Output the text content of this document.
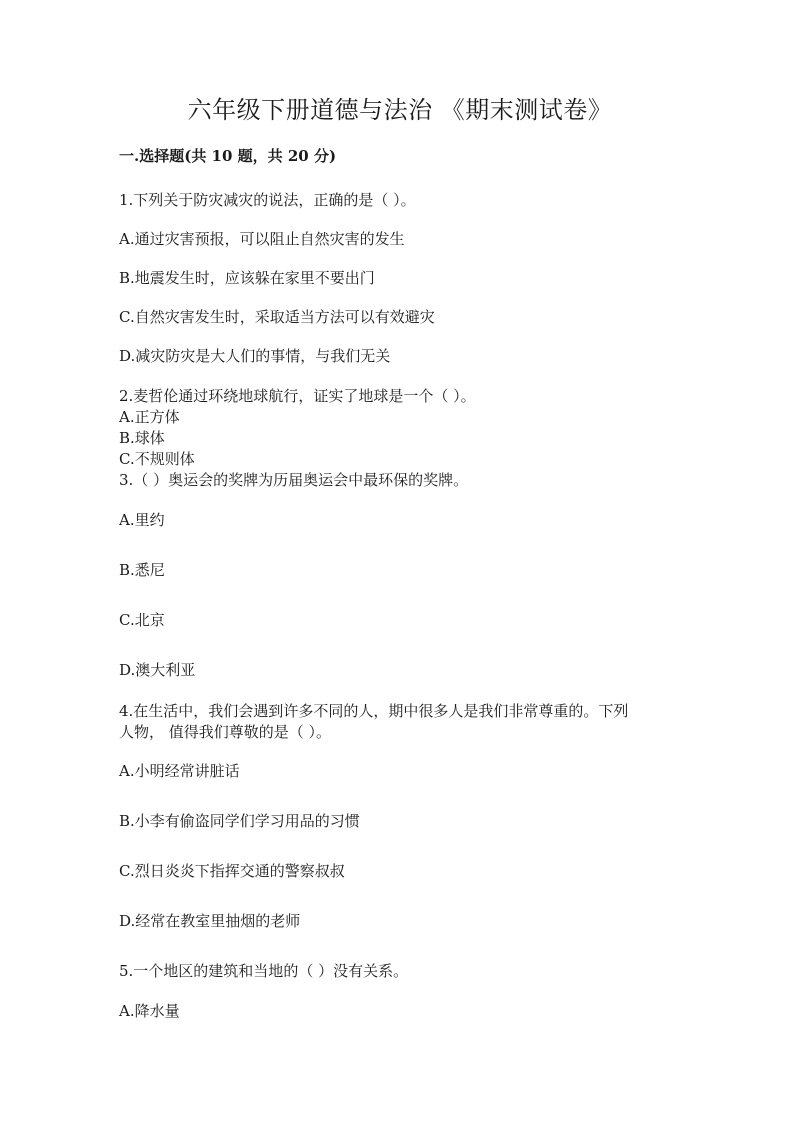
六年级下册道德与法治 《期末测试卷》
一.选择题(共 10 题，共 20 分)
1.下列关于防灾减灾的说法，正确的是（ ）。
A.通过灾害预报，可以阻止自然灾害的发生
B.地震发生时，应该躲在家里不要出门
C.自然灾害发生时，采取适当方法可以有效避灾
D.减灾防灾是大人们的事情，与我们无关
2.麦哲伦通过环绕地球航行，证实了地球是一个（ ）。
A.正方体
B.球体
C.不规则体
3.（ ）奥运会的奖牌为历届奥运会中最环保的奖牌。
A.里约
B.悉尼
C.北京
D.澳大利亚
4.在生活中，我们会遇到许多不同的人，期中很多人是我们非常尊重的。下列
人物， 值得我们尊敬的是（ ）。
A.小明经常讲脏话
B.小李有偷盗同学们学习用品的习惯
C.烈日炎炎下指挥交通的警察叔叔
D.经常在教室里抽烟的老师
5.一个地区的建筑和当地的（ ）没有关系。
A.降水量
